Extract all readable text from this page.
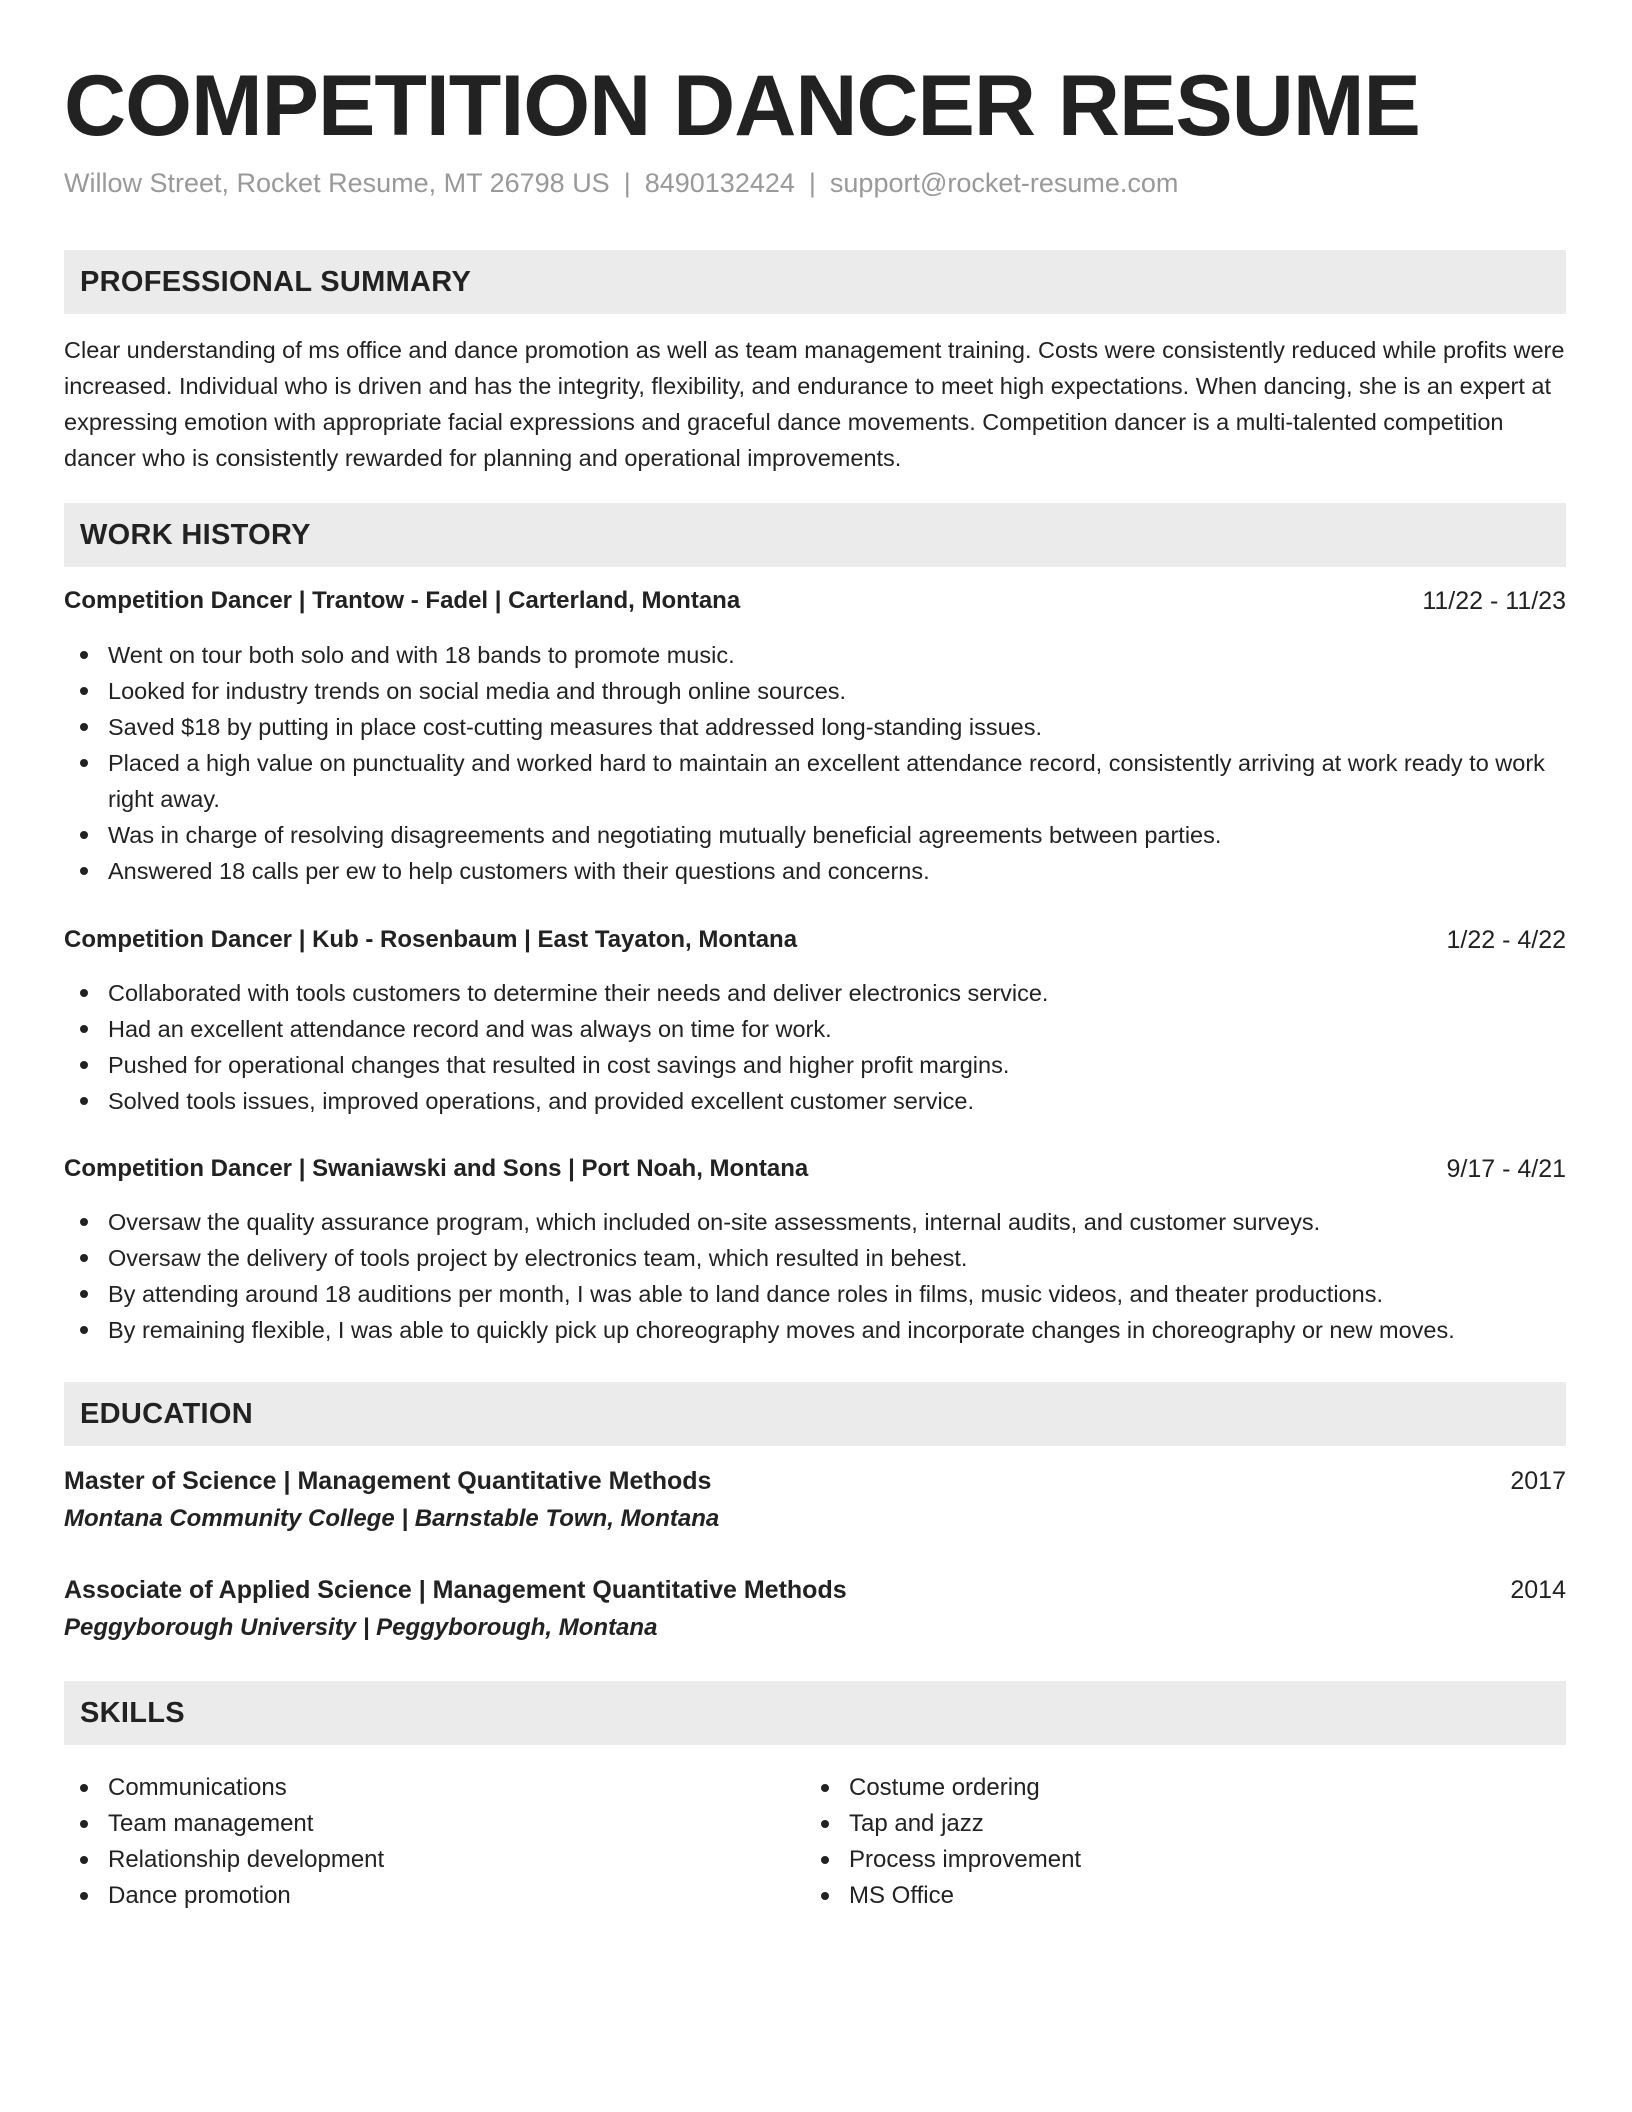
COMPETITION DANCER RESUME
Willow Street, Rocket Resume, MT 26798 US | 8490132424 | support@rocket-resume.com
PROFESSIONAL SUMMARY

Clear understanding of ms office and dance promotion as well as team management training. Costs were consistently reduced while profits were increased. Individual who is driven and has the integrity, flexibility, and endurance to meet high expectations. When dancing, she is an expert at expressing emotion with appropriate facial expressions and graceful dance movements. Competition dancer is a multi-talented competition dancer who is consistently rewarded for planning and operational improvements.

WORK HISTORY
Competition Dancer | Trantow - Fadel | Carterland, Montana	11/22 - 11/23
Went on tour both solo and with 18 bands to promote music.
Looked for industry trends on social media and through online sources.
Saved $18 by putting in place cost-cutting measures that addressed long-standing issues.
Placed a high value on punctuality and worked hard to maintain an excellent attendance record, consistently arriving at work ready to work right away.
Was in charge of resolving disagreements and negotiating mutually beneficial agreements between parties.
Answered 18 calls per ew to help customers with their questions and concerns.
Competition Dancer | Kub - Rosenbaum | East Tayaton, Montana	1/22 - 4/22
Collaborated with tools customers to determine their needs and deliver electronics service.
Had an excellent attendance record and was always on time for work.
Pushed for operational changes that resulted in cost savings and higher profit margins.
Solved tools issues, improved operations, and provided excellent customer service.
Competition Dancer | Swaniawski and Sons | Port Noah, Montana	9/17 - 4/21
Oversaw the quality assurance program, which included on-site assessments, internal audits, and customer surveys.
Oversaw the delivery of tools project by electronics team, which resulted in behest.
By attending around 18 auditions per month, I was able to land dance roles in films, music videos, and theater productions.
By remaining flexible, I was able to quickly pick up choreography moves and incorporate changes in choreography or new moves.
EDUCATION
Master of Science | Management Quantitative Methods
Montana Community College | Barnstable Town, Montana
2017
Associate of Applied Science | Management Quantitative Methods
Peggyborough University | Peggyborough, Montana
2014
SKILLS
Communications
Team management
Relationship development
Dance promotion
Costume ordering
Tap and jazz
Process improvement
MS Office
